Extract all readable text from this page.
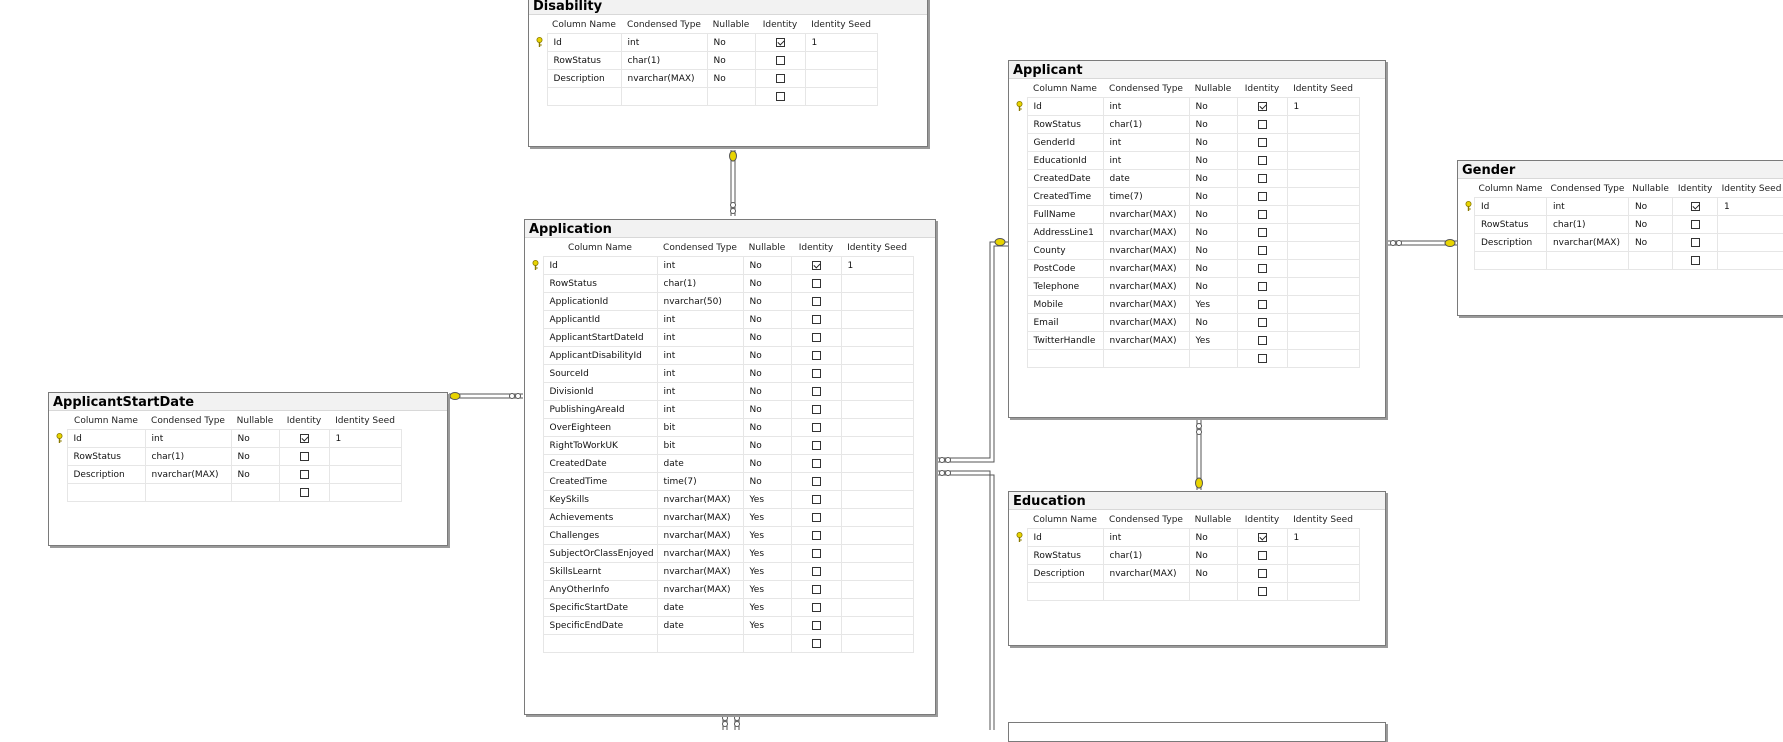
Disability
	Column Name	Condensed Type	Nullable	Identity	Identity Seed
	Id	int	No		1
	RowStatus	char(1)	No		
	Description	nvarchar(MAX)	No		

Applicant
	Column Name	Condensed Type	Nullable	Identity	Identity Seed
	Id	int	No		1
	RowStatus	char(1)	No		
	GenderId	int	No		
	EducationId	int	No		
	CreatedDate	date	No		
	CreatedTime	time(7)	No		
	FullName	nvarchar(MAX)	No		
	AddressLine1	nvarchar(MAX)	No		
	County	nvarchar(MAX)	No		
	PostCode	nvarchar(MAX)	No		
	Telephone	nvarchar(MAX)	No		
	Mobile	nvarchar(MAX)	Yes		
	Email	nvarchar(MAX)	No		
	TwitterHandle	nvarchar(MAX)	Yes		

Gender
	Column Name	Condensed Type	Nullable	Identity	Identity Seed
	Id	int	No		1
	RowStatus	char(1)	No		
	Description	nvarchar(MAX)	No		

Application
	Column Name	Condensed Type	Nullable	Identity	Identity Seed
	Id	int	No		1
	RowStatus	char(1)	No		
	ApplicationId	nvarchar(50)	No		
	ApplicantId	int	No		
	ApplicantStartDateId	int	No		
	ApplicantDisabilityId	int	No		
	SourceId	int	No		
	DivisionId	int	No		
	PublishingAreaId	int	No		
	OverEighteen	bit	No		
	RightToWorkUK	bit	No		
	CreatedDate	date	No		
	CreatedTime	time(7)	No		
	KeySkills	nvarchar(MAX)	Yes		
	Achievements	nvarchar(MAX)	Yes		
	Challenges	nvarchar(MAX)	Yes		
	SubjectOrClassEnjoyed	nvarchar(MAX)	Yes		
	SkillsLearnt	nvarchar(MAX)	Yes		
	AnyOtherInfo	nvarchar(MAX)	Yes		
	SpecificStartDate	date	Yes		
	SpecificEndDate	date	Yes		

ApplicantStartDate
	Column Name	Condensed Type	Nullable	Identity	Identity Seed
	Id	int	No		1
	RowStatus	char(1)	No		
	Description	nvarchar(MAX)	No		

Education
	Column Name	Condensed Type	Nullable	Identity	Identity Seed
	Id	int	No		1
	RowStatus	char(1)	No		
	Description	nvarchar(MAX)	No		
